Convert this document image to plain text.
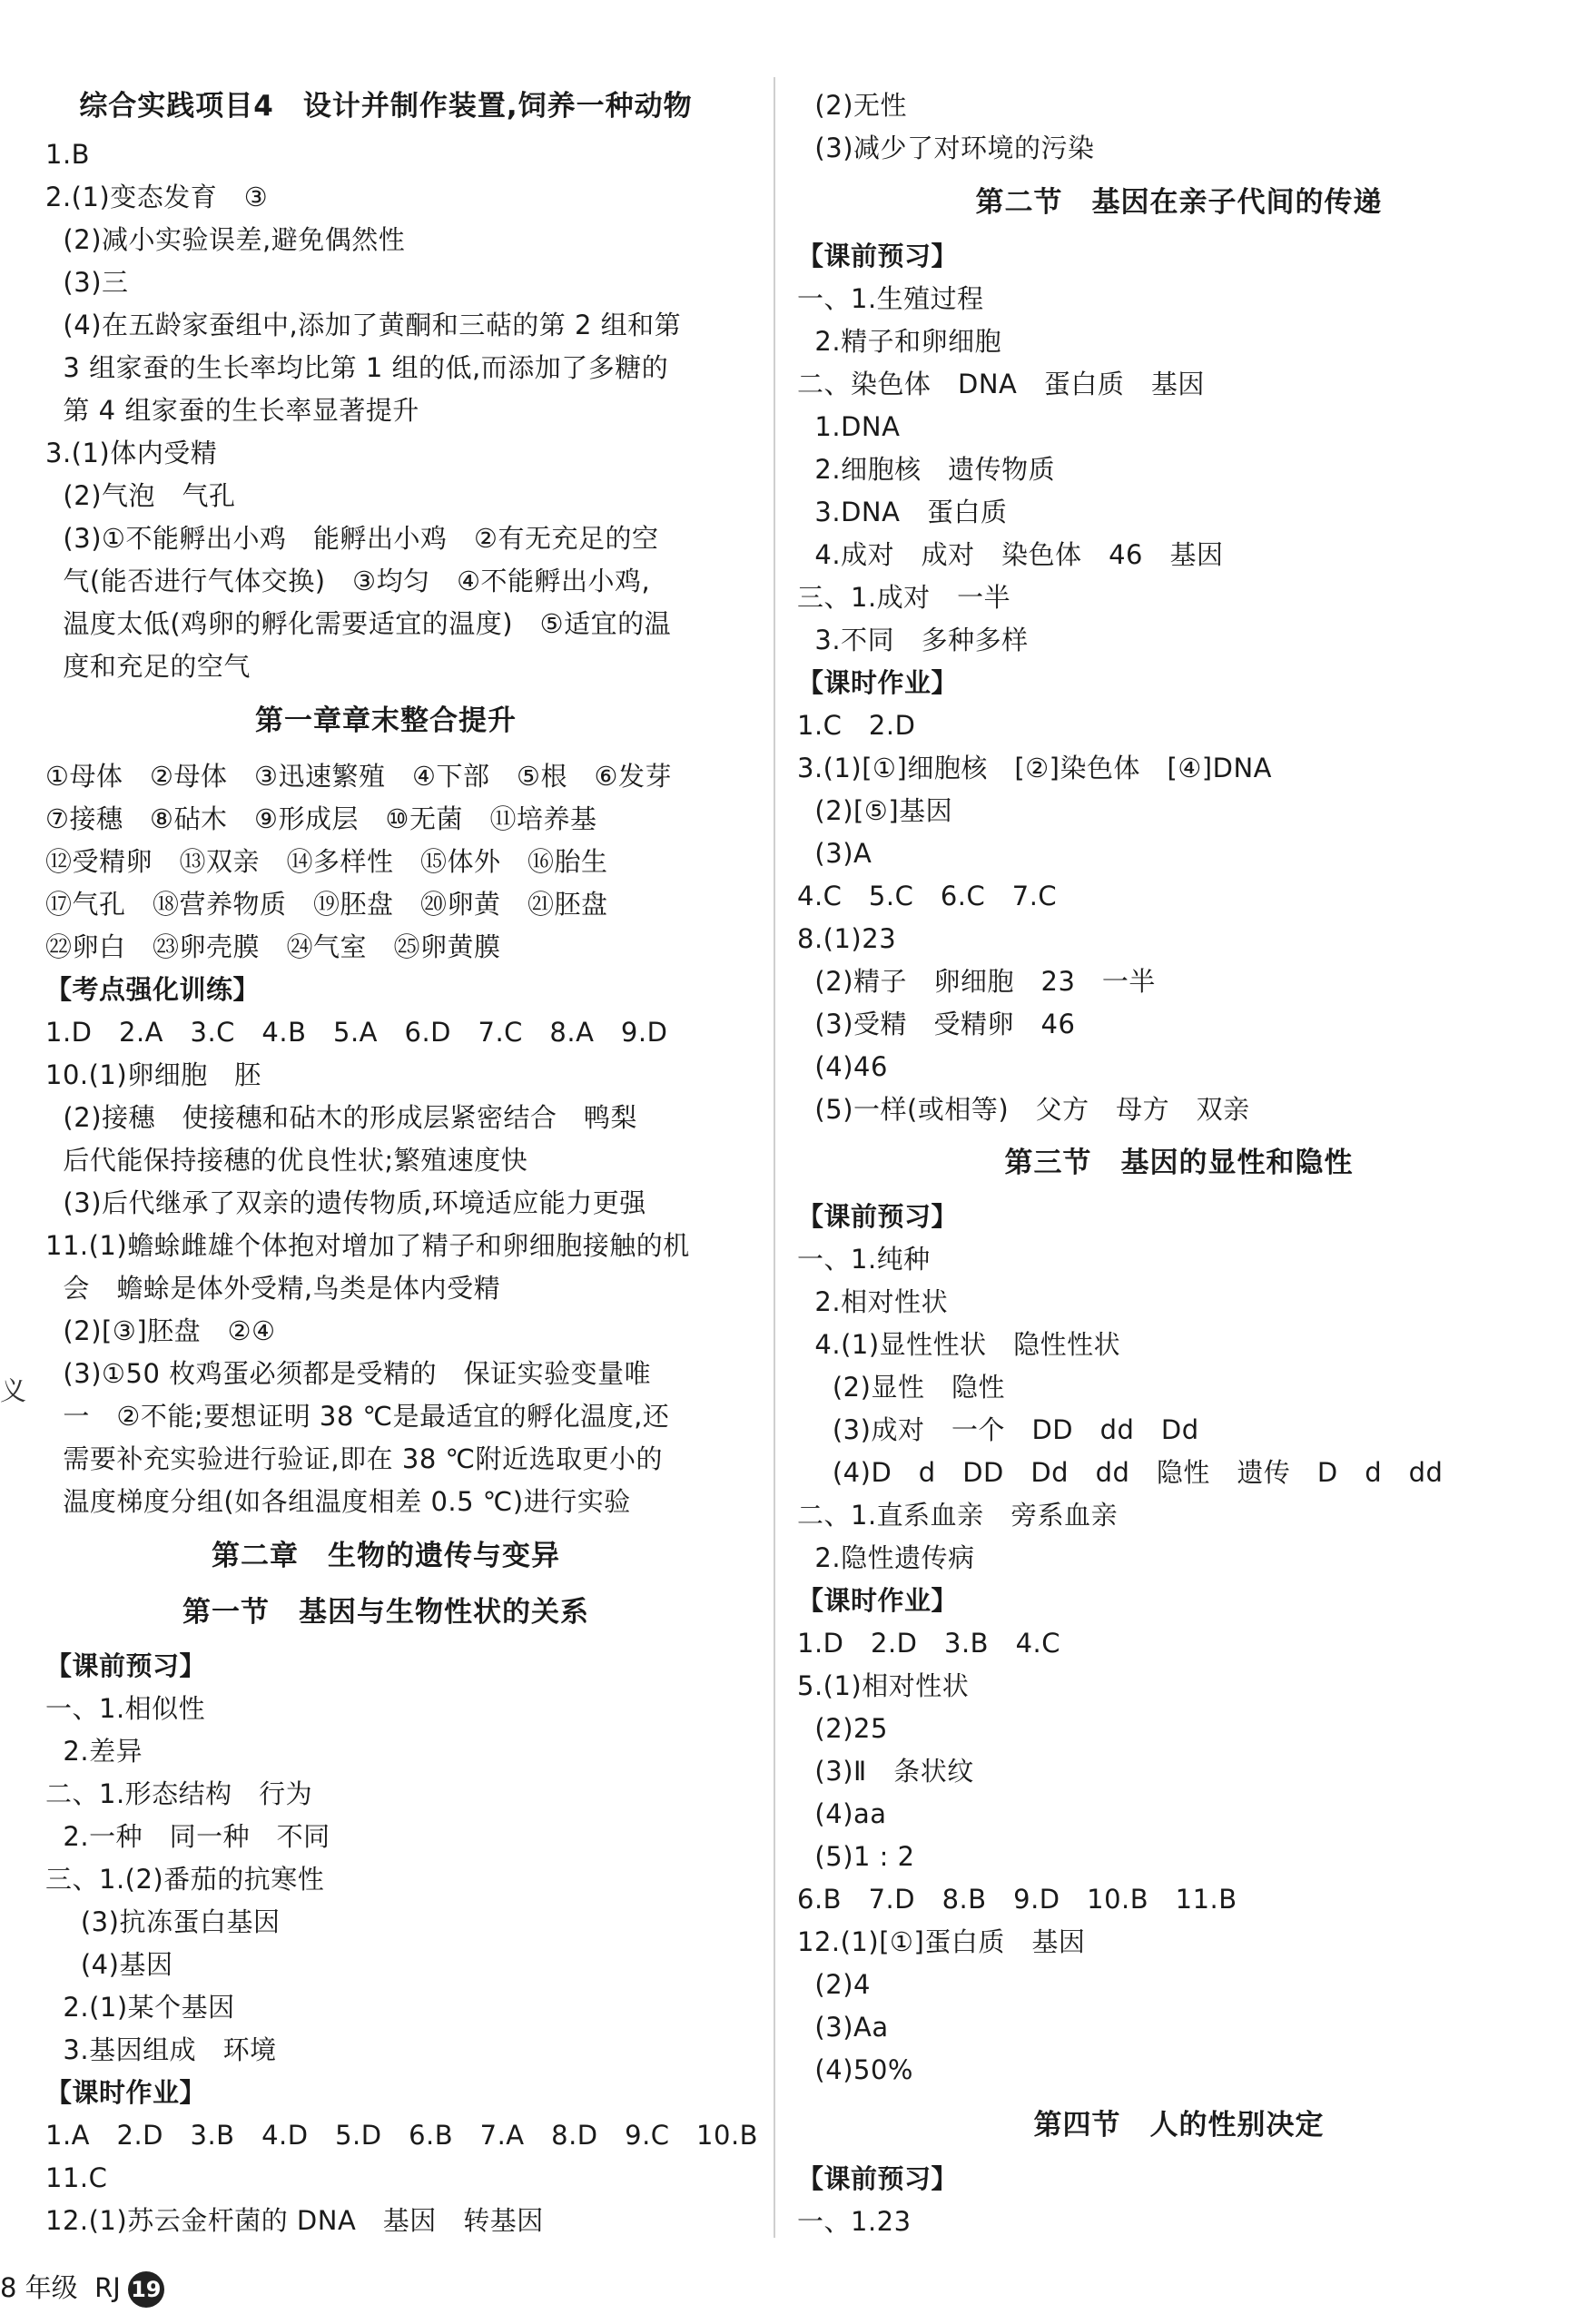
综合实践项目4　设计并制作装置,饲养一种动物
1.B
2.(1)变态发育　③
(2)减小实验误差,避免偶然性
(3)三
(4)在五龄家蚕组中,添加了黄酮和三萜的第 2 组和第
3 组家蚕的生长率均比第 1 组的低,而添加了多糖的
第 4 组家蚕的生长率显著提升
3.(1)体内受精
(2)气泡　气孔
(3)①不能孵出小鸡　能孵出小鸡　②有无充足的空
气(能否进行气体交换)　③均匀　④不能孵出小鸡,
温度太低(鸡卵的孵化需要适宜的温度)　⑤适宜的温
度和充足的空气
第一章章末整合提升
①母体　②母体　③迅速繁殖　④下部　⑤根　⑥发芽
⑦接穗　⑧砧木　⑨形成层　⑩无菌　⑪培养基
⑫受精卵　⑬双亲　⑭多样性　⑮体外　⑯胎生
⑰气孔　⑱营养物质　⑲胚盘　⑳卵黄　㉑胚盘
㉒卵白　㉓卵壳膜　㉔气室　㉕卵黄膜
【考点强化训练】
1.D　2.A　3.C　4.B　5.A　6.D　7.C　8.A　9.D
10.(1)卵细胞　胚
(2)接穗　使接穗和砧木的形成层紧密结合　鸭梨
后代能保持接穗的优良性状;繁殖速度快
(3)后代继承了双亲的遗传物质,环境适应能力更强
11.(1)蟾蜍雌雄个体抱对增加了精子和卵细胞接触的机
会　蟾蜍是体外受精,鸟类是体内受精
(2)[③]胚盘　②④
(3)①50 枚鸡蛋必须都是受精的　保证实验变量唯
一　②不能;要想证明 38 ℃是最适宜的孵化温度,还
需要补充实验进行验证,即在 38 ℃附近选取更小的
温度梯度分组(如各组温度相差 0.5 ℃)进行实验
第二章　生物的遗传与变异
第一节　基因与生物性状的关系
【课前预习】
一、1.相似性
2.差异
二、1.形态结构　行为
2.一种　同一种　不同
三、1.(2)番茄的抗寒性
(3)抗冻蛋白基因
(4)基因
2.(1)某个基因
3.基因组成　环境
【课时作业】
1.A　2.D　3.B　4.D　5.D　6.B　7.A　8.D　9.C　10.B
11.C
12.(1)苏云金杆菌的 DNA　基因　转基因
(2)无性
(3)减少了对环境的污染
第二节　基因在亲子代间的传递
【课前预习】
一、1.生殖过程
2.精子和卵细胞
二、染色体　DNA　蛋白质　基因
1.DNA
2.细胞核　遗传物质
3.DNA　蛋白质
4.成对　成对　染色体　46　基因
三、1.成对　一半
3.不同　多种多样
【课时作业】
1.C　2.D
3.(1)[①]细胞核　[②]染色体　[④]DNA
(2)[⑤]基因
(3)A
4.C　5.C　6.C　7.C
8.(1)23
(2)精子　卵细胞　23　一半
(3)受精　受精卵　46
(4)46
(5)一样(或相等)　父方　母方　双亲
第三节　基因的显性和隐性
【课前预习】
一、1.纯种
2.相对性状
4.(1)显性性状　隐性性状
(2)显性　隐性
(3)成对　一个　DD　dd　Dd
(4)D　d　DD　Dd　dd　隐性　遗传　D　d　dd
二、1.直系血亲　旁系血亲
2.隐性遗传病
【课时作业】
1.D　2.D　3.B　4.C
5.(1)相对性状
(2)25
(3)Ⅱ　条状纹
(4)aa
(5)1 : 2
6.B　7.D　8.B　9.D　10.B　11.B
12.(1)[①]蛋白质　基因
(2)4
(3)Aa
(4)50%
第四节　人的性别决定
【课前预习】
一、1.23
义
8 年级 RJ 19
